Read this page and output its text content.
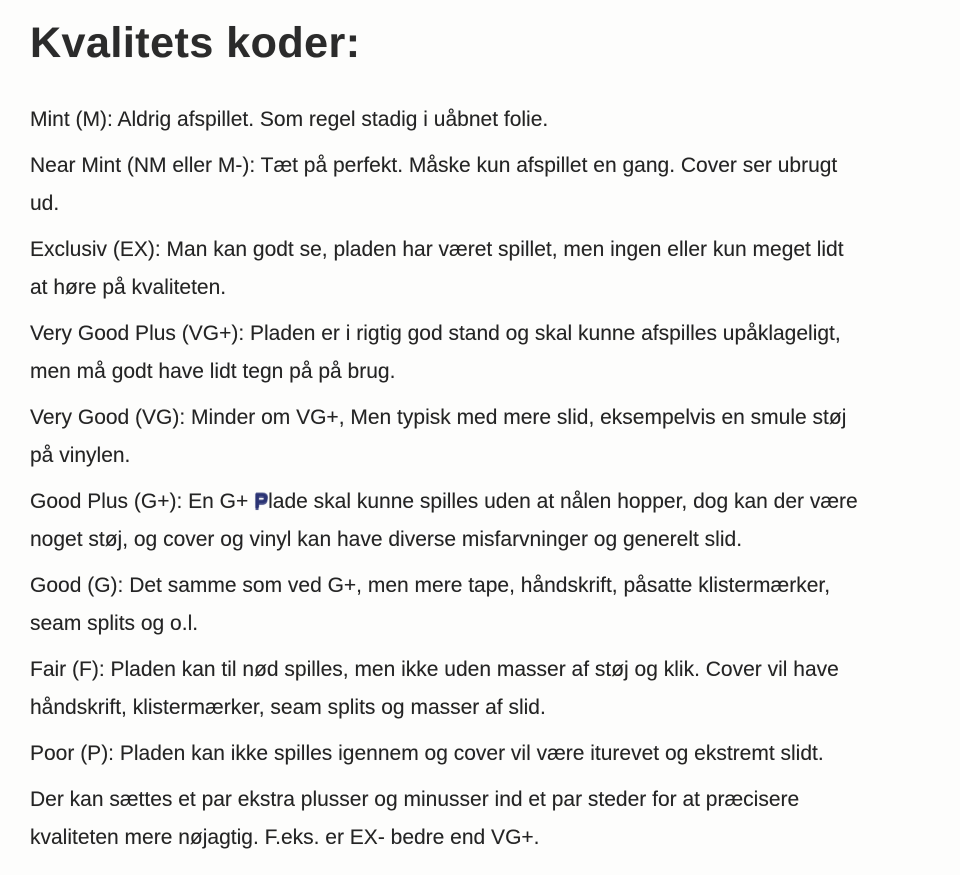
Kvalitets koder:

Mint (M): Aldrig afspillet. Som regel stadig i uåbnet folie.

Near Mint (NM eller M-): Tæt på perfekt. Måske kun afspillet en gang. Cover ser ubrugt
ud.

Exclusiv (EX): Man kan godt se, pladen har været spillet, men ingen eller kun meget lidt
at høre på kvaliteten.

Very Good Plus (VG+): Pladen er i rigtig god stand og skal kunne afspilles upåklageligt,
men må godt have lidt tegn på på brug.

Very Good (VG): Minder om VG+, Men typisk med mere slid, eksempelvis en smule støj
på vinylen.

Good Plus (G+): En G+ Plade skal kunne spilles uden at nålen hopper, dog kan der være
noget støj, og cover og vinyl kan have diverse misfarvninger og generelt slid.

Good (G): Det samme som ved G+, men mere tape, håndskrift, påsatte klistermærker,
seam splits og o.l.

Fair (F): Pladen kan til nød spilles, men ikke uden masser af støj og klik. Cover vil have
håndskrift, klistermærker, seam splits og masser af slid.

Poor (P): Pladen kan ikke spilles igennem og cover vil være iturevet og ekstremt slidt.

Der kan sættes et par ekstra plusser og minusser ind et par steder for at præcisere
kvaliteten mere nøjagtig. F.eks. er EX- bedre end VG+.
